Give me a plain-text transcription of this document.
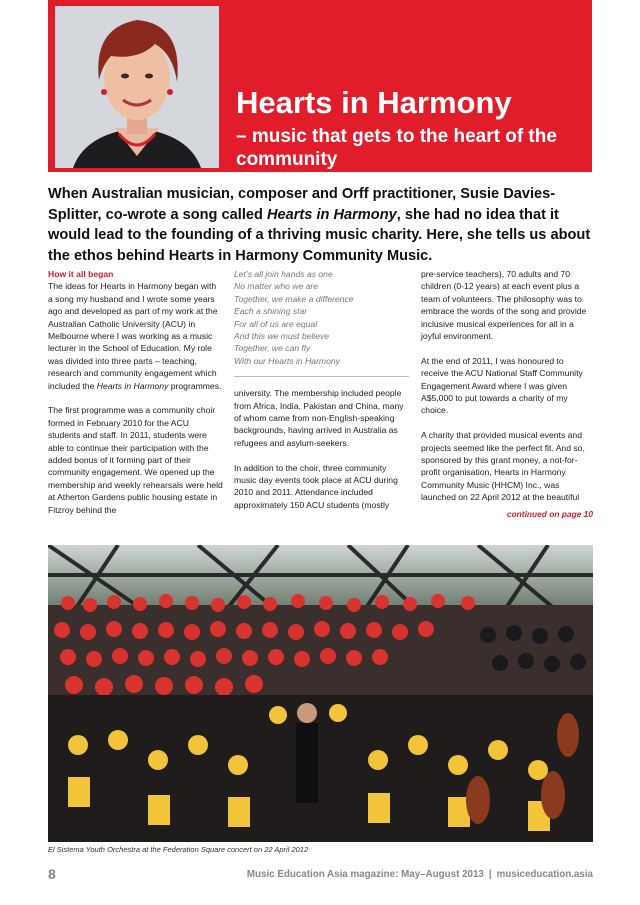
Hearts in Harmony
– music that gets to the heart of the community

When Australian musician, composer and Orff practitioner, Susie Davies-Splitter, co-wrote a song called Hearts in Harmony, she had no idea that it would lead to the founding of a thriving music charity. Here, she tells us about the ethos behind Hearts in Harmony Community Music.

How it all began

The ideas for Hearts in Harmony began with a song my husband and I wrote some years ago and developed as part of my work at the Australian Catholic University (ACU) in Melbourne where I was working as a music lecturer in the School of Education. My role was divided into three parts – teaching, research and community engagement which included the Hearts in Harmony programmes.

The first programme was a community choir formed in February 2010 for the ACU students and staff. In 2011, students were able to continue their participation with the added bonus of it forming part of their community engagement. We opened up the membership and weekly rehearsals were held at Atherton Gardens public housing estate in Fitzroy behind the

Let’s all join hands as one
No matter who we are
Together, we make a difference
Each a shining star
For all of us are equal
And this we must believe
Together, we can fly
With our Hearts in Harmony

university. The membership included people from Africa, India, Pakistan and China, many of whom came from non-English-speaking backgrounds, having arrived in Australia as refugees and asylum-seekers.

In addition to the choir, three community music day events took place at ACU during 2010 and 2011. Attendance included approximately 150 ACU students (mostly

pre-service teachers), 70 adults and 70 children (0-12 years) at each event plus a team of volunteers. The philosophy was to embrace the words of the song and provide inclusive musical experiences for all in a joyful environment.

At the end of 2011, I was honoured to receive the ACU National Staff Community Engagement Award where I was given A$5,000 to put towards a charity of my choice.

A charity that provided musical events and projects seemed like the perfect fit. And so, sponsored by this grant money, a not-for-profit organisation, Hearts in Harmony Community Music (HHCM) Inc., was launched on 22 April 2012 at the beautiful

continued on page 10
El Sistema Youth Orchestra at the Federation Square concert on 22 April 2012
8	Music Education Asia magazine: May–August 2013 | musiceducation.asia
